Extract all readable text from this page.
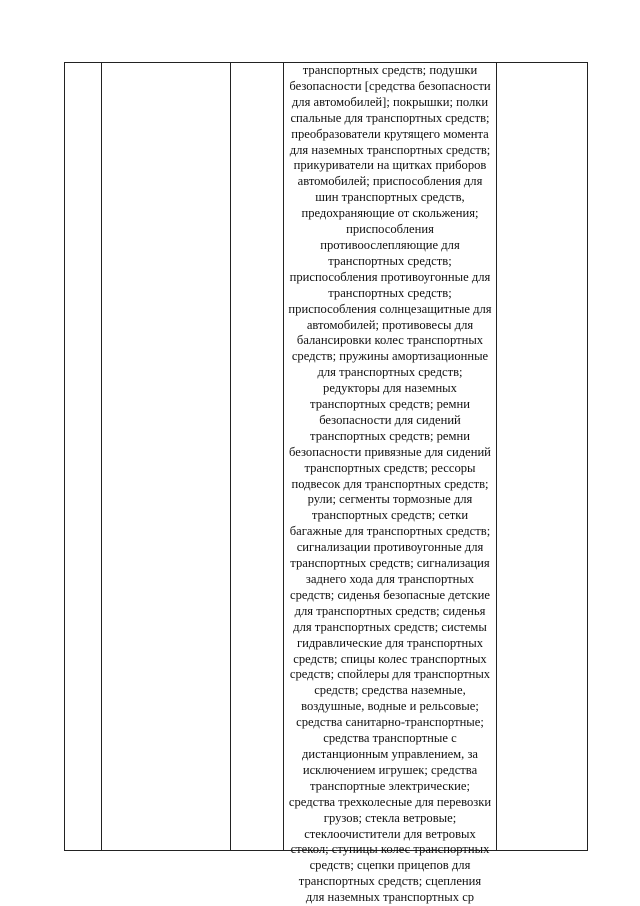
транспортных средств; подушки
безопасности [средства безопасности
для автомобилей]; покрышки; полки
спальные для транспортных средств;
преобразователи крутящего момента
для наземных транспортных средств;
прикуриватели на щитках приборов
автомобилей; приспособления для
шин транспортных средств,
предохраняющие от скольжения;
приспособления
противоослепляющие для
транспортных средств;
приспособления противоугонные для
транспортных средств;
приспособления солнцезащитные для
автомобилей; противовесы для
балансировки колес транспортных
средств; пружины амортизационные
для транспортных средств;
редукторы для наземных
транспортных средств; ремни
безопасности для сидений
транспортных средств; ремни
безопасности привязные для сидений
транспортных средств; рессоры
подвесок для транспортных средств;
рули; сегменты тормозные для
транспортных средств; сетки
багажные для транспортных средств;
сигнализации противоугонные для
транспортных средств; сигнализация
заднего хода для транспортных
средств; сиденья безопасные детские
для транспортных средств; сиденья
для транспортных средств; системы
гидравлические для транспортных
средств; спицы колес транспортных
средств; спойлеры для транспортных
средств; средства наземные,
воздушные, водные и рельсовые;
средства санитарно-транспортные;
средства транспортные с
дистанционным управлением, за
исключением игрушек; средства
транспортные электрические;
средства трехколесные для перевозки
грузов; стекла ветровые;
стеклоочистители для ветровых
стекол; ступицы колес транспортных
средств; сцепки прицепов для
транспортных средств; сцепления
для наземных транспортных ср
